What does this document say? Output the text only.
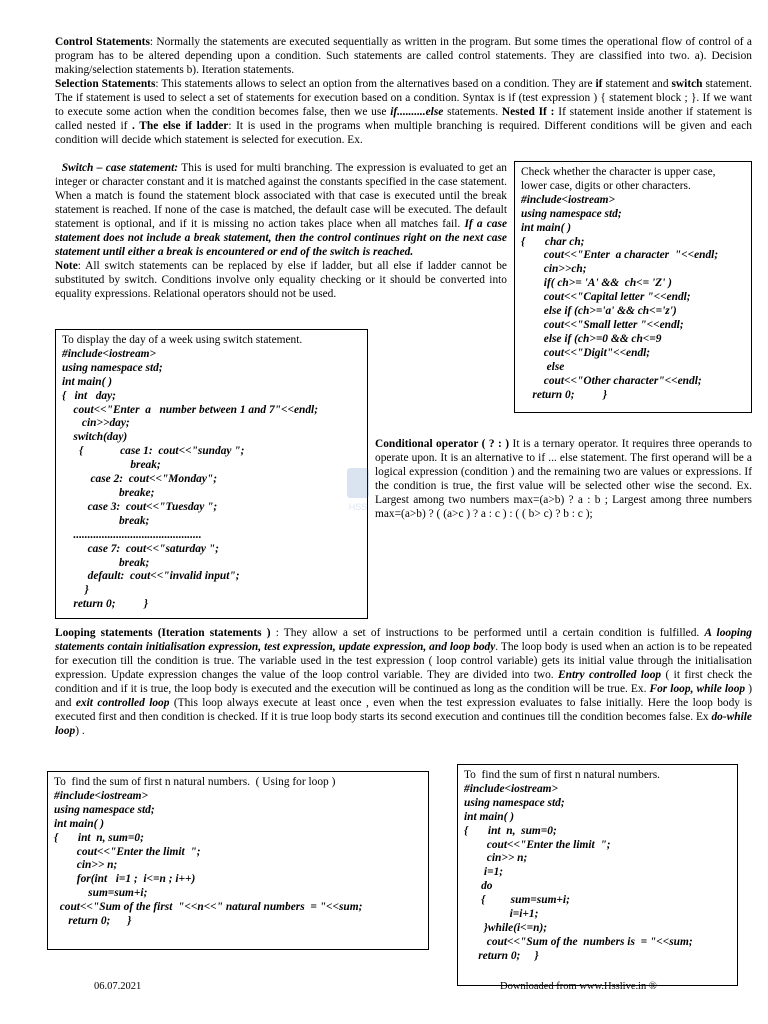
Control Statements: Normally the statements are executed sequentially as written in the program. But some times the operational flow of control of a program has to be altered depending upon a condition. Such statements are called control statements. They are classified into two. a). Decision making/selection statements b). Iteration statements.

Selection Statements: This statements allows to select an option from the alternatives based on a condition. They are if statement and switch statement. The if statement is used to select a set of statements for execution based on a condition. Syntax is if (test expression ) { statement block ; }. If we want to execute some action when the condition becomes false, then we use if..........else statements. Nested If : If statement inside another if statement is called nested if . The else if ladder: It is used in the programs when multiple branching is required. Different conditions will be given and each condition will decide which statement is selected for execution. Ex.

Switch – case statement: This is used for multi branching. The expression is evaluated to get an integer or character constant and it is matched against the constants specified in the case statement. When a match is found the statement block associated with that case is executed until the break statement is reached. If none of the case is matched, the default case will be executed. The default statement is optional, and if it is missing no action takes place when all matches fail. If a case statement does not include a break statement, then the control continues right on the next case statement until either a break is encountered or end of the switch is reached.
Note: All switch statements can be replaced by else if ladder, but all else if ladder cannot be substituted by switch. Conditions involve only equality checking or it should be converted into equality expressions. Relational operators should not be used.

Check whether the character is upper case,
lower case, digits or other characters.
#include<iostream>
using namespace std;
int main( )
{       char ch;
cout<<"Enter  a character  "<<endl;
cin>>ch;
if( ch>= 'A' &&  ch<= 'Z' )
cout<<"Capital letter "<<endl;
else if (ch>='a' && ch<='z')
cout<<"Small letter "<<endl;
else if (ch>=0 && ch<=9
cout<<"Digit"<<endl;
else
cout<<"Other character"<<endl;
return 0;          }
To display the day of a week using switch statement.
#include<iostream>
using namespace std;
int main( )
{   int   day;
cout<<"Enter  a   number between 1 and 7"<<endl;
cin>>day;
switch(day)
{             case 1:  cout<<"sunday ";
break;
case 2:  cout<<"Monday";
breake;
case 3:  cout<<"Tuesday ";
break;
.............................................
case 7:  cout<<"saturday ";
break;
default:  cout<<"invalid input";
}
return 0;          }
HSS

Conditional operator ( ? : ) It is a ternary operator. It requires three operands to operate upon. It is an alternative to if ... else statement. The first operand will be a logical expression (condition ) and the remaining two are values or expressions. If the condition is true, the first value will be selected other wise the second. Ex. Largest among two numbers max=(a>b) ? a : b ; Largest among three numbers max=(a>b) ? ( (a>c ) ? a : c ) : ( ( b> c) ? b : c );

Looping statements (Iteration statements ) : They allow a set of instructions to be performed until a certain condition is fulfilled. A looping statements contain initialisation expression, test expression, update expression, and loop body. The loop body is used when an action is to be repeated for execution till the condition is true. The variable used in the test expression ( loop control variable) gets its initial value through the initialisation expression. Update expression changes the value of the loop control variable. They are divided into two. Entry controlled loop ( it first check the condition and if it is true, the loop body is executed and the execution will be continued as long as the condition will be true. Ex. For loop, while loop ) and exit controlled loop (This loop always execute at least once , even when the test expression evaluates to false initially. Here the loop body is executed first and then condition is checked. If it is true loop body starts its second execution and continues till the condition becomes false. Ex do-while loop) .

To  find the sum of first n natural numbers.  ( Using for loop )
#include<iostream>
using namespace std;
int main( )
{       int  n, sum=0;
cout<<"Enter the limit  ";
cin>> n;
for(int   i=1 ;  i<=n ; i++)
sum=sum+i;
cout<<"Sum of the first  "<<n<<" natural numbers  = "<<sum;
return 0;      }
To  find the sum of first n natural numbers.
#include<iostream>
using namespace std;
int main( )
{       int  n,  sum=0;
cout<<"Enter the limit  ";
cin>> n;
i=1;
do
{         sum=sum+i;
i=i+1;
}while(i<=n);
cout<<"Sum of the  numbers is  = "<<sum;
return 0;     }
06.07.2021	Downloaded from www.Hsslive.in ®
